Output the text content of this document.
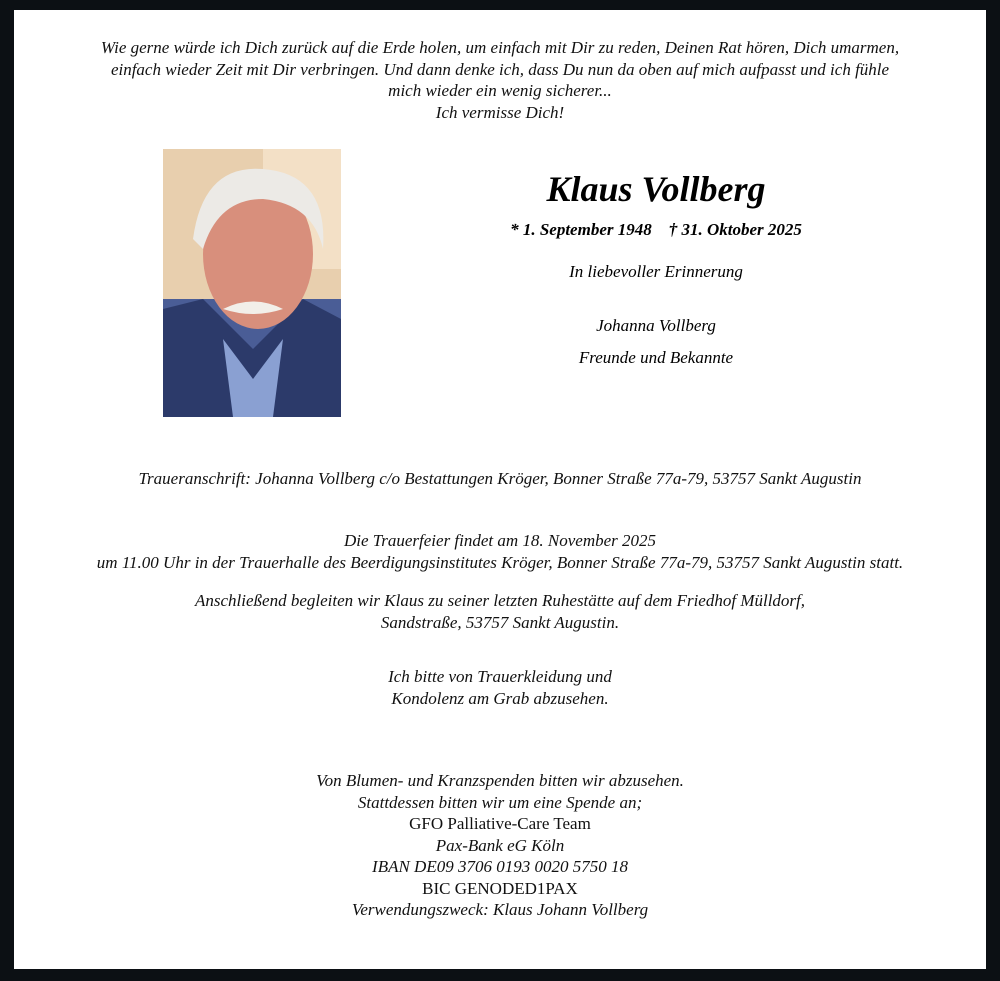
Wie gerne würde ich Dich zurück auf die Erde holen, um einfach mit Dir zu reden, Deinen Rat hören, Dich umarmen,
einfach wieder Zeit mit Dir verbringen. Und dann denke ich, dass Du nun da oben auf mich aufpasst und ich fühle
mich wieder ein wenig sicherer...
Ich vermisse Dich!
Klaus Vollberg
* 1. September 1948    † 31. Oktober 2025
In liebevoller Erinnerung
Johanna Vollberg
Freunde und Bekannte
Traueranschrift: Johanna Vollberg c/o Bestattungen Kröger, Bonner Straße 77a-79, 53757 Sankt Augustin
Die Trauerfeier findet am 18. November 2025
um 11.00 Uhr in der Trauerhalle des Beerdigungsinstitutes Kröger, Bonner Straße 77a-79, 53757 Sankt Augustin statt.
Anschließend begleiten wir Klaus zu seiner letzten Ruhestätte auf dem Friedhof Mülldorf,
Sandstraße, 53757 Sankt Augustin.
Ich bitte von Trauerkleidung und
Kondolenz am Grab abzusehen.
Von Blumen- und Kranzspenden bitten wir abzusehen.
Stattdessen bitten wir um eine Spende an;
GFO Palliative-Care Team
Pax-Bank eG Köln
IBAN DE09 3706 0193 0020 5750 18
BIC GENODED1PAX
Verwendungszweck: Klaus Johann Vollberg
